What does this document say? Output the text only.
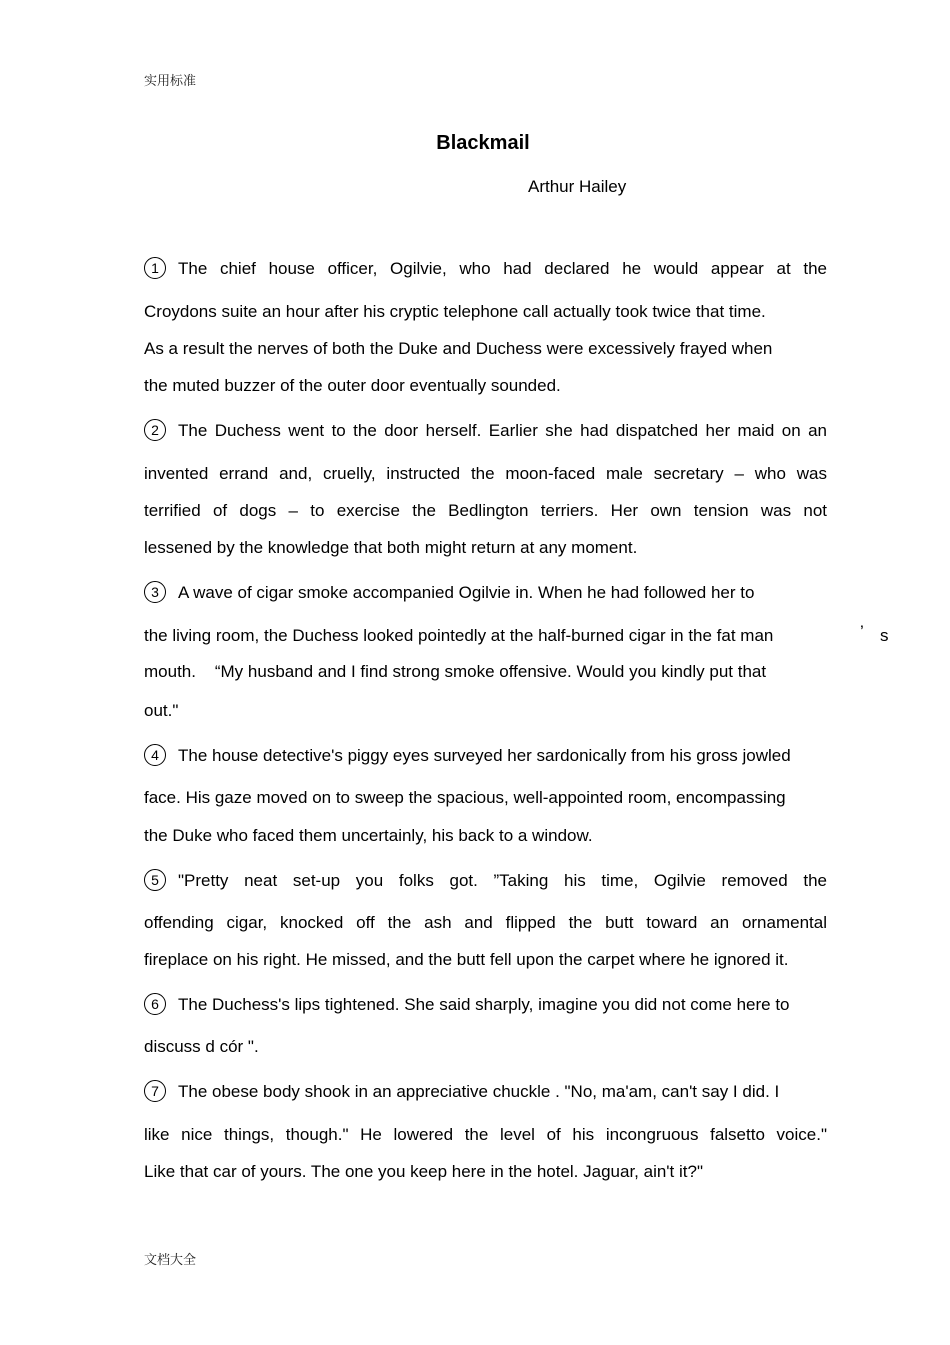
实用标准
Blackmail
Arthur Hailey
1 The chief house officer, Ogilvie, who had declared he would appear at the
Croydons suite an hour after his cryptic telephone call actually took twice that time.
As a result the nerves of both the Duke and Duchess were excessively frayed when
the muted buzzer of the outer door eventually sounded.
2 The Duchess went to the door herself. Earlier she had dispatched her maid on an
invented errand and, cruelly, instructed the moon-faced male secretary – who was
terrified of dogs – to exercise the Bedlington terriers. Her own tension was not
lessened by the knowledge that both might return at any moment.
3 A wave of cigar smoke accompanied Ogilvie in. When he had followed her to
the living room, the Duchess looked pointedly at the half-burned cigar in the fat man	’ s
mouth.    “My husband and I find strong smoke offensive. Would you kindly put that
out."
4 The house detective's piggy eyes surveyed her sardonically from his gross jowled
face. His gaze moved on to sweep the spacious, well-appointed room, encompassing
the Duke who faced them uncertainly, his back to a window.
5 "Pretty neat set-up you folks got. ”Taking his time, Ogilvie removed the
offending cigar, knocked off the ash and flipped the butt toward an ornamental
fireplace on his right. He missed, and the butt fell upon the carpet where he ignored it.
6 The Duchess's lips tightened. She said sharply, imagine you did not come here to
discuss d cór ".
7 The obese body shook in an appreciative chuckle . "No, ma'am, can't say I did. I
like nice things, though." He lowered the level of his incongruous falsetto voice."
Like that car of yours. The one you keep here in the hotel. Jaguar, ain't it?"
文档大全
